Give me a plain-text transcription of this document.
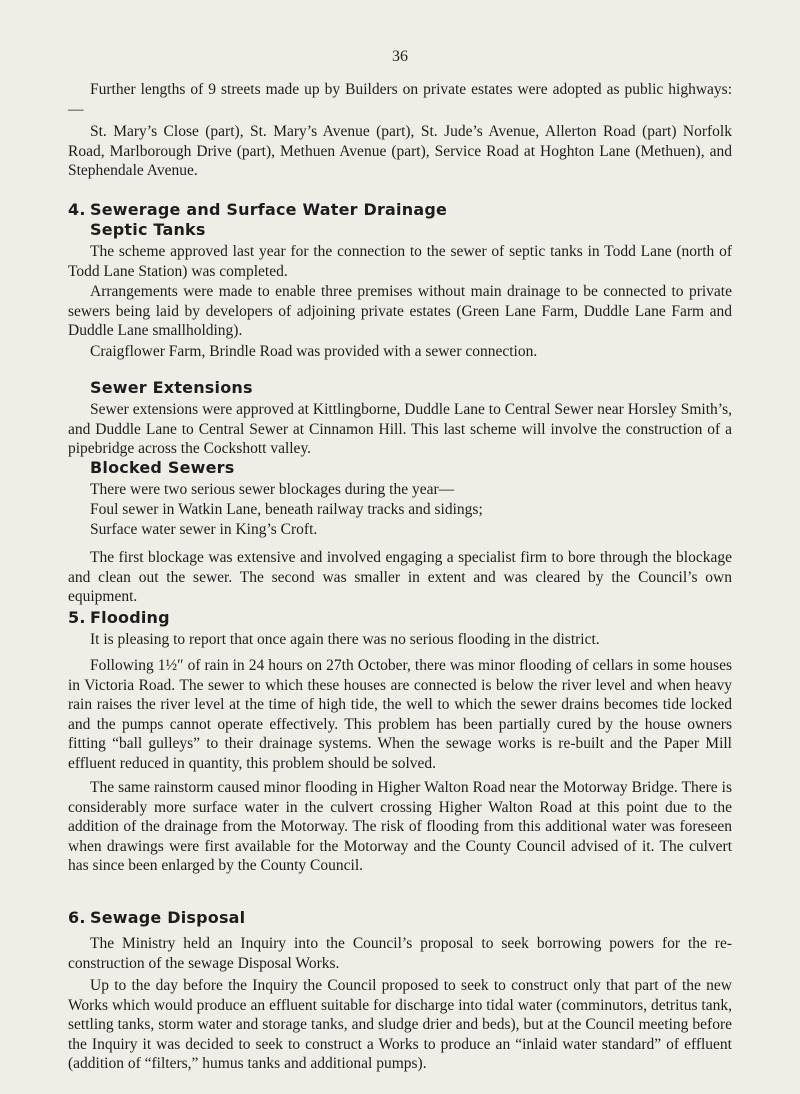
36

Further lengths of 9 streets made up by Builders on private estates were adopted as public highways: —

St. Mary’s Close (part), St. Mary’s Avenue (part), St. Jude’s Avenue, Allerton Road (part) Norfolk Road, Marlborough Drive (part), Methuen Avenue (part), Service Road at Hoghton Lane (Methuen), and Stephendale Avenue.

4. Sewerage and Surface Water Drainage
Septic Tanks

The scheme approved last year for the connection to the sewer of septic tanks in Todd Lane (north of Todd Lane Station) was completed.

Arrangements were made to enable three premises without main drainage to be connected to private sewers being laid by developers of adjoining private estates (Green Lane Farm, Duddle Lane Farm and Duddle Lane smallholding).

Craigflower Farm, Brindle Road was provided with a sewer connection.

Sewer Extensions

Sewer extensions were approved at Kittlingborne, Duddle Lane to Central Sewer near Horsley Smith’s, and Duddle Lane to Central Sewer at Cinnamon Hill. This last scheme will involve the construction of a pipebridge across the Cockshott valley.

Blocked Sewers

There were two serious sewer blockages during the year—

Foul sewer in Watkin Lane, beneath railway tracks and sidings;

Surface water sewer in King’s Croft.

The first blockage was extensive and involved engaging a specialist firm to bore through the blockage and clean out the sewer. The second was smaller in extent and was cleared by the Council’s own equipment.

5. Flooding

It is pleasing to report that once again there was no serious flooding in the district.

Following 1½″ of rain in 24 hours on 27th October, there was minor flooding of cellars in some houses in Victoria Road. The sewer to which these houses are connected is below the river level and when heavy rain raises the river level at the time of high tide, the well to which the sewer drains becomes tide locked and the pumps cannot operate effectively. This problem has been partially cured by the house owners fitting “ball gulleys” to their drainage systems. When the sewage works is re-built and the Paper Mill effluent reduced in quantity, this problem should be solved.

The same rainstorm caused minor flooding in Higher Walton Road near the Motorway Bridge. There is considerably more surface water in the culvert crossing Higher Walton Road at this point due to the addition of the drainage from the Motorway. The risk of flooding from this additional water was foreseen when drawings were first available for the Motorway and the County Council advised of it. The culvert has since been enlarged by the County Council.

6. Sewage Disposal

The Ministry held an Inquiry into the Council’s proposal to seek borrowing powers for the re-construction of the sewage Disposal Works.

Up to the day before the Inquiry the Council proposed to seek to construct only that part of the new Works which would produce an effluent suitable for discharge into tidal water (comminutors, detritus tank, settling tanks, storm water and storage tanks, and sludge drier and beds), but at the Council meeting before the Inquiry it was decided to seek to construct a Works to produce an “inlaid water standard” of effluent (addition of “filters,” humus tanks and additional pumps).
